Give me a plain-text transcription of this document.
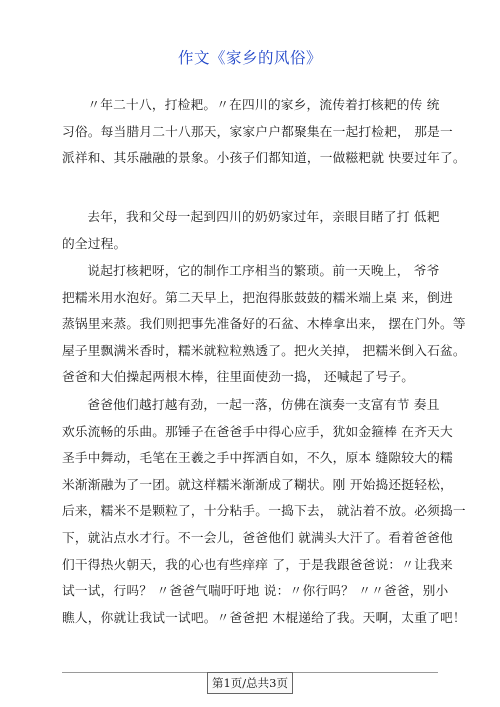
作文《家乡的风俗》
〃年二十八，打检耙。〃在四川的家乡，流传着打核耙的传 统
习俗。每当腊月二十八那天，家家户户都聚集在一起打检耙， 那是一
派祥和、其乐融融的景象。小孩子们都知道，一做糍粑就 快要过年了。
去年，我和父母一起到四川的奶奶家过年，亲眼目睹了打 低耙
的全过程。
说起打核耙呀，它的制作工序相当的繁琐。前一天晚上， 爷爷
把糯米用水泡好。第二天早上，把泡得胀鼓鼓的糯米端上桌 来，倒进
蒸锅里来蒸。我们则把事先准备好的石盆、木棒拿出来， 摆在门外。等
屋子里飘满米香时，糯米就粒粒熟透了。把火关掉， 把糯米倒入石盆。
爸爸和大伯操起两根木棒，往里面使劲一捣， 还喊起了号子。
爸爸他们越打越有劲，一起一落，仿佛在演奏一支富有节 奏且
欢乐流畅的乐曲。那锤子在爸爸手中得心应手，犹如金箍棒 在齐天大
圣手中舞动，毛笔在王羲之手中挥洒自如，不久，原本 缝隙较大的糯
米渐渐融为了一团。就这样糯米渐渐成了糊状。刚 开始捣还挺轻松，
后来，糯米不是颗粒了，十分粘手。一捣下去， 就沾着不放。必须捣一
下，就沾点水才行。不一会儿，爸爸他们 就满头大汗了。看着爸爸他
们干得热火朝天，我的心也有些痒痒 了，于是我跟爸爸说：〃让我来
试一试，行吗？ 〃爸爸气喘吁吁地 说：〃你行吗？ 〃〃爸爸，别小
瞧人，你就让我试一试吧。〃爸爸把 木棍递给了我。天啊，太重了吧！
第1页/总共3页
